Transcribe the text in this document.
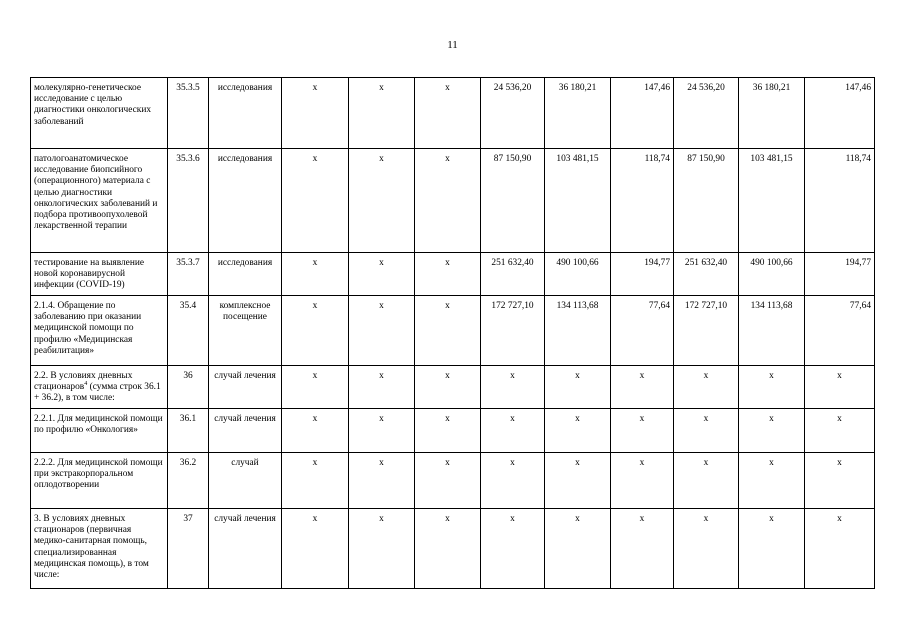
11
молекулярно-генетическое исследование с целью диагностики онкологических заболеваний	35.3.5	исследования	х	х	х	24 536,20	36 180,21	147,46	24 536,20	36 180,21	147,46
патологоанатомическое исследование биопсийного (операционного) материала с целью диагностики онкологических заболеваний и подбора противоопухолевой лекарственной терапии	35.3.6	исследования	х	х	х	87 150,90	103 481,15	118,74	87 150,90	103 481,15	118,74
тестирование на выявление новой коронавирусной инфекции (COVID-19)	35.3.7	исследования	х	х	х	251 632,40	490 100,66	194,77	251 632,40	490 100,66	194,77
2.1.4. Обращение по заболеванию при оказании медицинской помощи по профилю «Медицинская реабилитация»	35.4	комплексное посещение	х	х	х	172 727,10	134 113,68	77,64	172 727,10	134 113,68	77,64
2.2. В условиях дневных стационаров$^4$ (сумма строк 36.1 + 36.2), в том числе:	36	случай лечения	х	х	х	х	х	х	х	х	х
2.2.1. Для медицинской помощи по профилю «Онкология»	36.1	случай лечения	х	х	х	х	х	х	х	х	х
2.2.2. Для медицинской помощи при экстракорпоральном оплодотворении	36.2	случай	х	х	х	х	х	х	х	х	х
3. В условиях дневных стационаров (первичная медико-санитарная помощь, специализированная медицинская помощь), в том числе:	37	случай лечения	х	х	х	х	х	х	х	х	х
